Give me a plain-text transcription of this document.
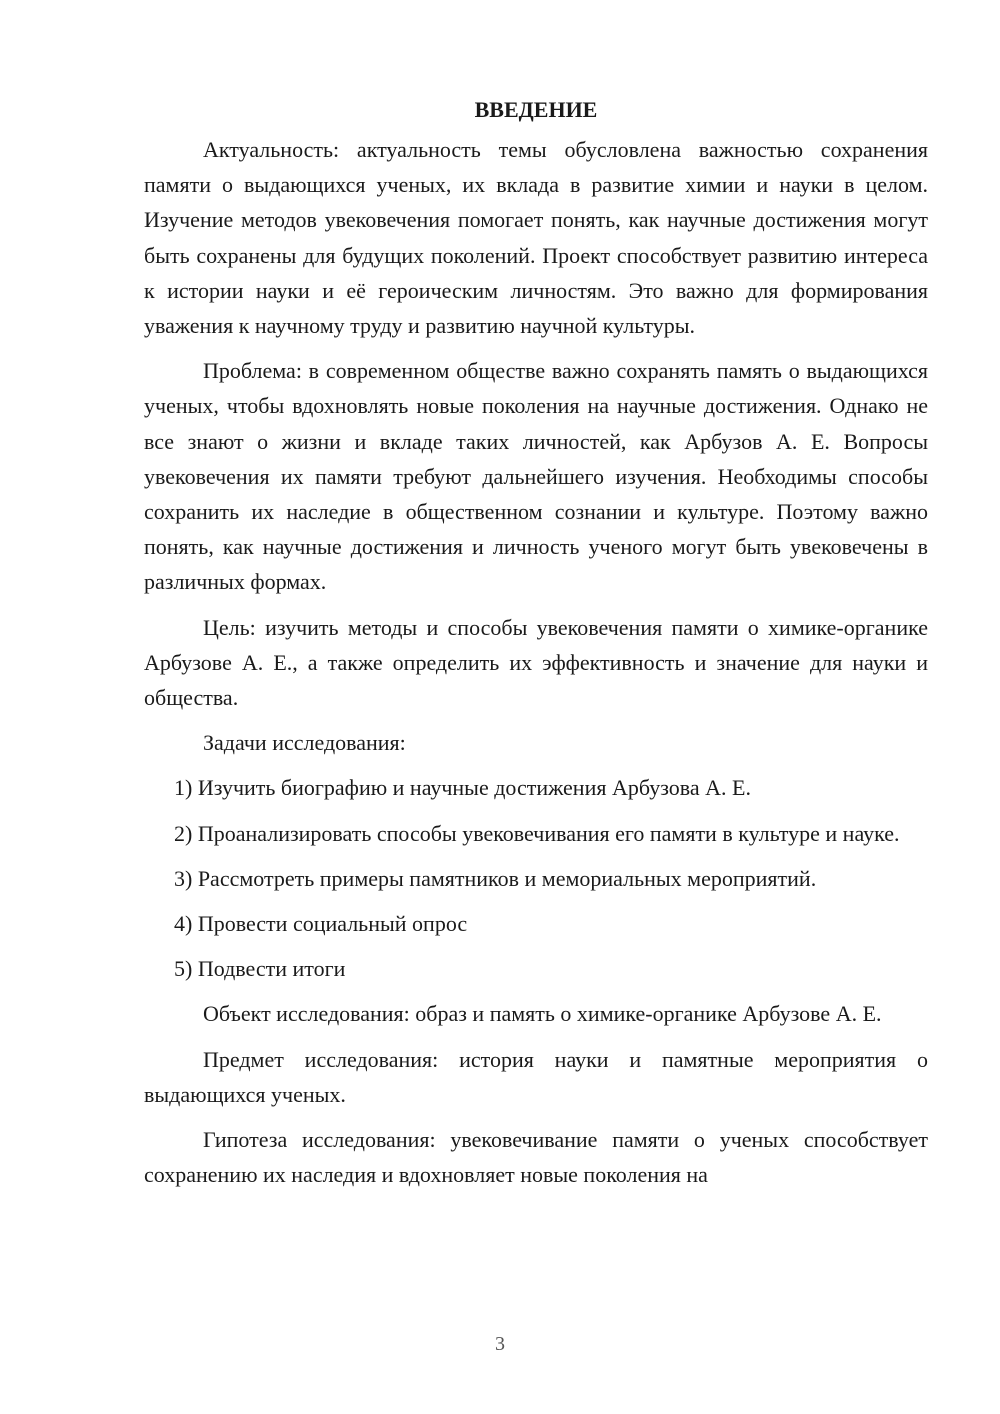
ВВЕДЕНИЕ

Актуальность: актуальность темы обусловлена важностью сохранения памяти о выдающихся ученых, их вклада в развитие химии и науки в целом. Изучение методов увековечения помогает понять, как научные достижения могут быть сохранены для будущих поколений. Проект способствует развитию интереса к истории науки и её героическим личностям. Это важно для формирования уважения к научному труду и развитию научной культуры.

Проблема: в современном обществе важно сохранять память о выдающихся ученых, чтобы вдохновлять новые поколения на научные достижения. Однако не все знают о жизни и вкладе таких личностей, как Арбузов А. Е. Вопросы увековечения их памяти требуют дальнейшего изучения. Необходимы способы сохранить их наследие в общественном сознании и культуре. Поэтому важно понять, как научные достижения и личность ученого могут быть увековечены в различных формах.

Цель: изучить методы и способы увековечения памяти о химике-органике Арбузове А. Е., а также определить их эффективность и значение для науки и общества.

Задачи исследования:

1) Изучить биографию и научные достижения Арбузова А. Е.

2) Проанализировать способы увековечивания его памяти в культуре и науке.

3) Рассмотреть примеры памятников и мемориальных мероприятий.

4) Провести социальный опрос

5) Подвести итоги

Объект исследования: образ и память о химике-органике Арбузове А. Е.

Предмет исследования: история науки и памятные мероприятия о выдающихся ученых.

Гипотеза исследования: увековечивание памяти о ученых способствует сохранению их наследия и вдохновляет новые поколения на

3
